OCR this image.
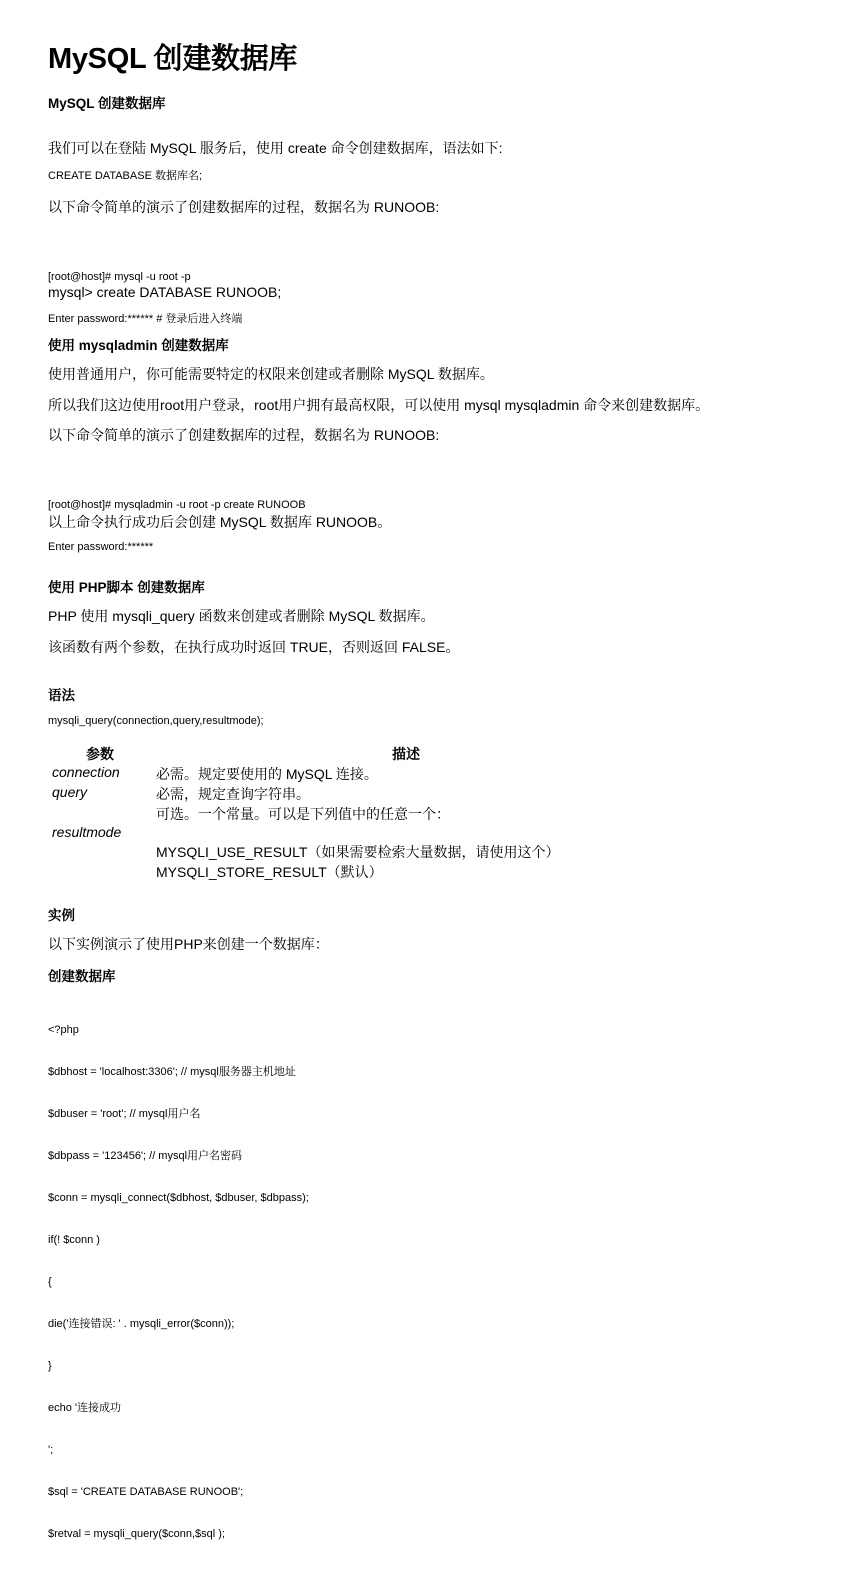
MySQL 创建数据库
MySQL 创建数据库
我们可以在登陆 MySQL 服务后，使用 create 命令创建数据库，语法如下:
CREATE DATABASE 数据库名;
以下命令简单的演示了创建数据库的过程，数据名为 RUNOOB:

[root@host]# mysql -u root -p

Enter password:****** # 登录后进入终端

mysql> create DATABASE RUNOOB;
使用 mysqladmin 创建数据库
使用普通用户，你可能需要特定的权限来创建或者删除 MySQL 数据库。
所以我们这边使用root用户登录，root用户拥有最高权限，可以使用 mysql mysqladmin 命令来创建数据库。
以下命令简单的演示了创建数据库的过程，数据名为 RUNOOB:

[root@host]# mysqladmin -u root -p create RUNOOB

Enter password:******

以上命令执行成功后会创建 MySQL 数据库 RUNOOB。
使用 PHP脚本 创建数据库
PHP 使用 mysqli_query 函数来创建或者删除 MySQL 数据库。
该函数有两个参数，在执行成功时返回 TRUE，否则返回 FALSE。
语法
mysqli_query(connection,query,resultmode);
参数	描述
connection	必需。规定要使用的 MySQL 连接。
query	必需，规定查询字符串。
resultmode	可选。一个常量。可以是下列值中的任意一个：
MYSQLI_USE_RESULT（如果需要检索大量数据，请使用这个）
MYSQLI_STORE_RESULT（默认）
实例
以下实例演示了使用PHP来创建一个数据库：
创建数据库

<?php

$dbhost = 'localhost:3306'; // mysql服务器主机地址

$dbuser = 'root'; // mysql用户名

$dbpass = '123456'; // mysql用户名密码

$conn = mysqli_connect($dbhost, $dbuser, $dbpass);

if(! $conn )

{

die('连接错误: ' . mysqli_error($conn));

}

echo '连接成功

';

$sql = 'CREATE DATABASE RUNOOB';

$retval = mysqli_query($conn,$sql );
